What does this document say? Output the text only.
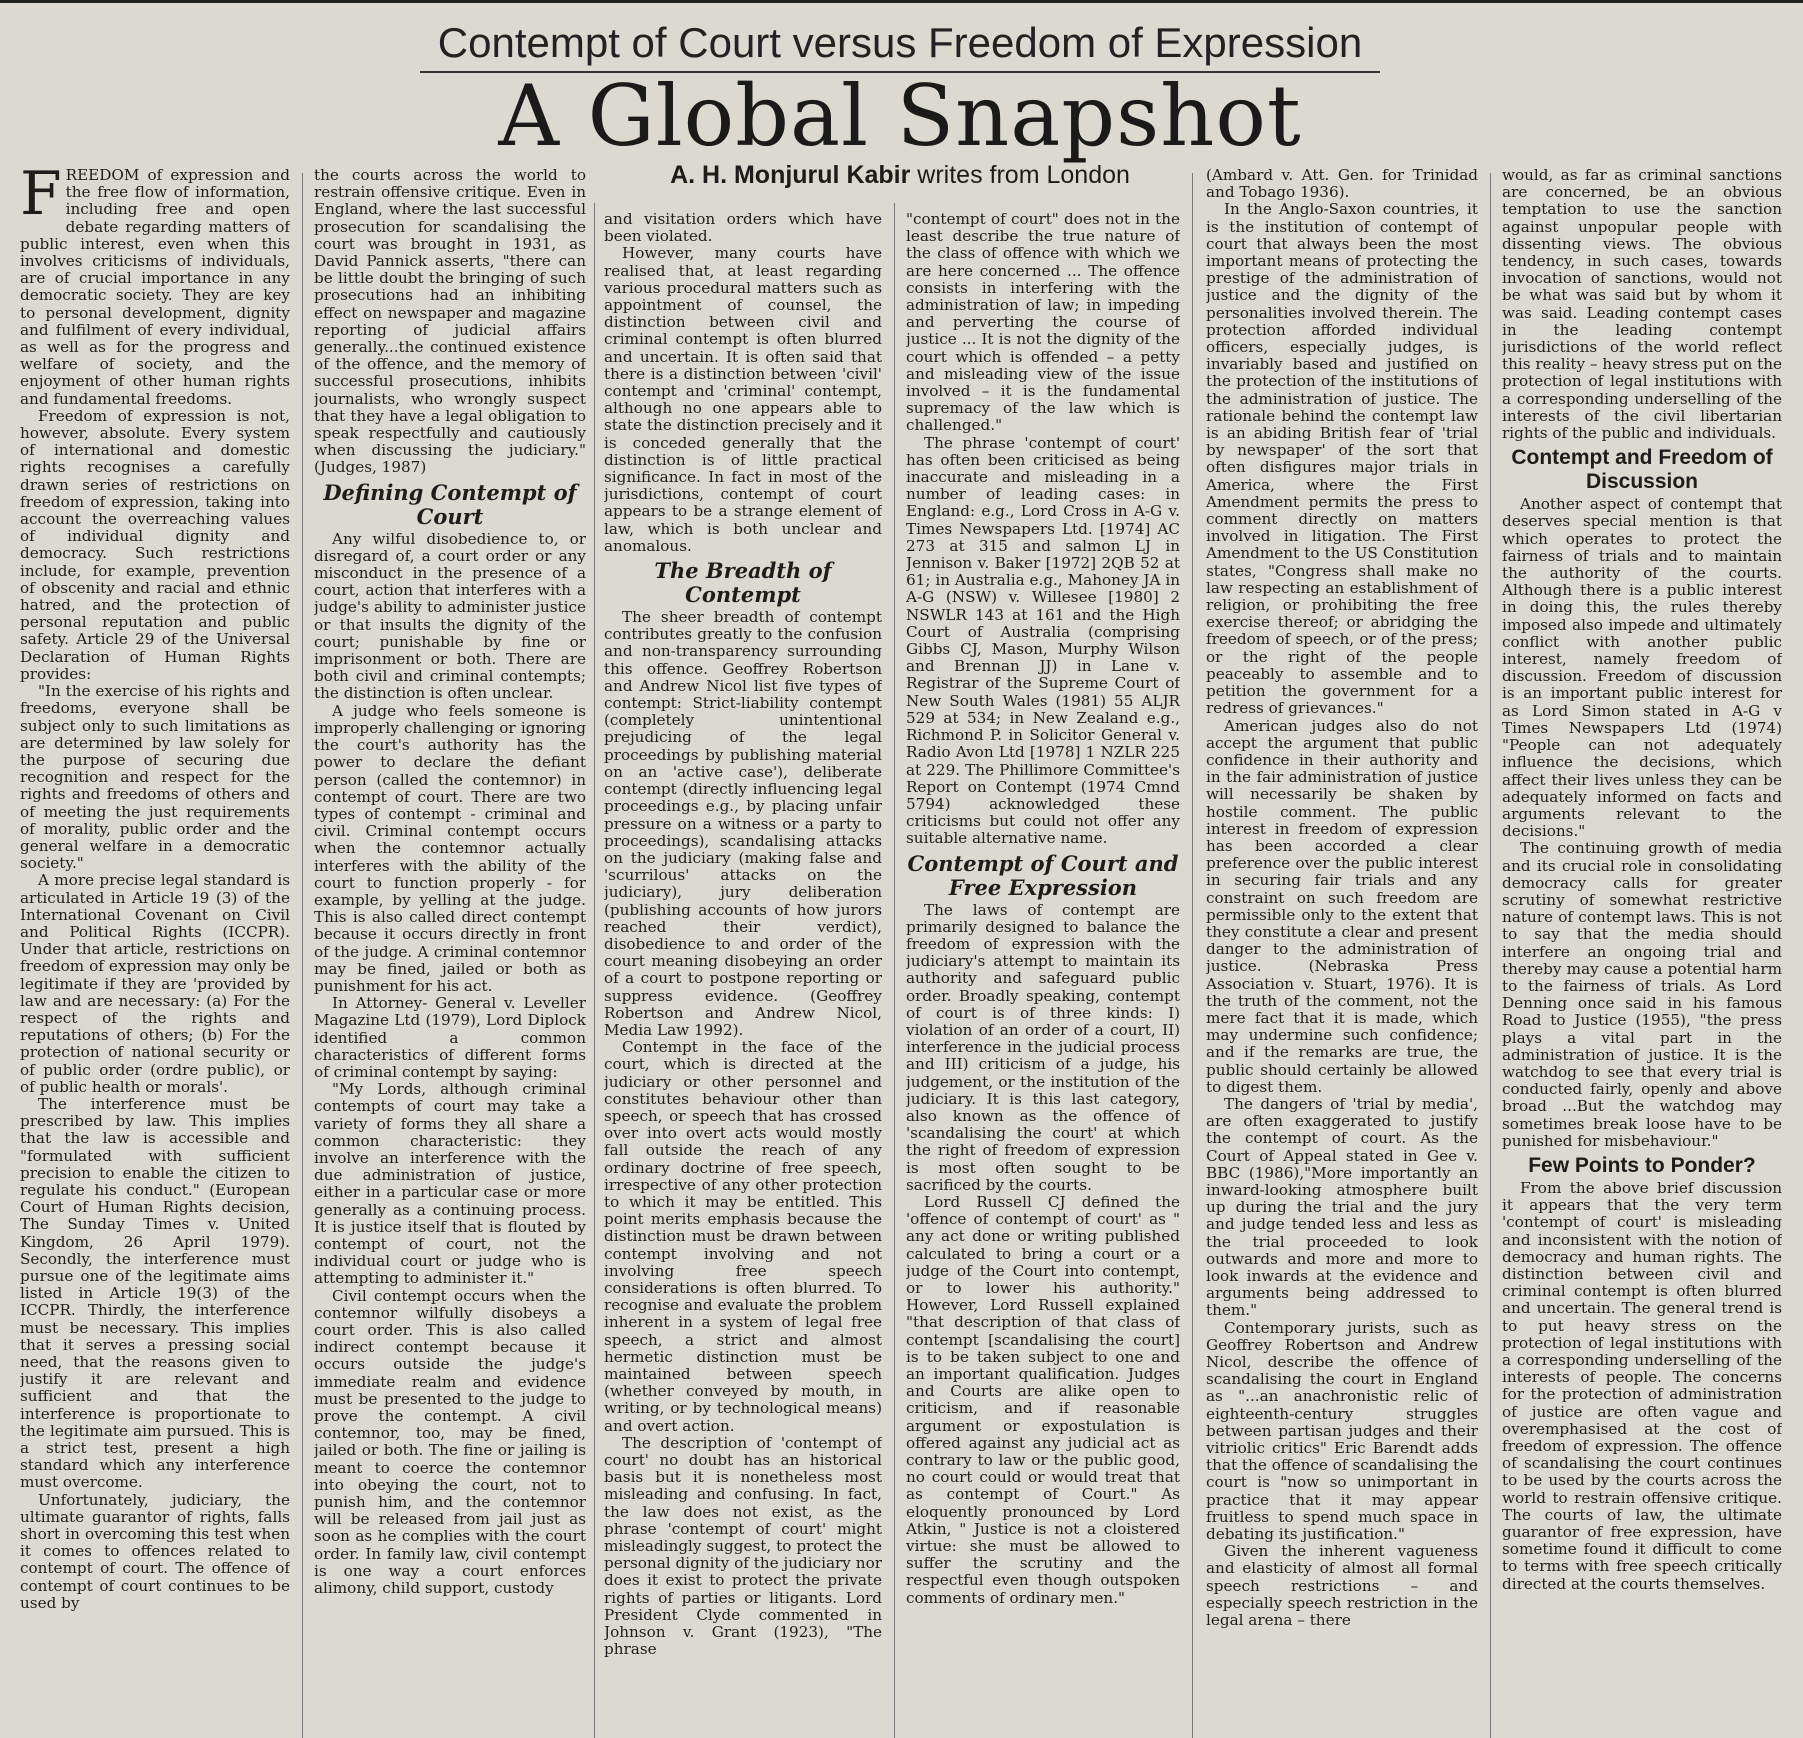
Contempt of Court versus Freedom of Expression
A Global Snapshot
A. H. Monjurul Kabir writes from London

FREEDOM of expression and the free flow of information, including free and open debate regarding matters of public interest, even when this involves criticisms of individuals, are of crucial importance in any democratic society. They are key to personal development, dignity and fulfilment of every individual, as well as for the progress and welfare of society, and the enjoyment of other human rights and fundamental freedoms.

Freedom of expression is not, however, absolute. Every system of international and domestic rights recognises a carefully drawn series of restrictions on freedom of expression, taking into account the overreaching values of individual dignity and democracy. Such restrictions include, for example, prevention of obscenity and racial and ethnic hatred, and the protection of personal reputation and public safety. Article 29 of the Universal Declaration of Human Rights provides:

"In the exercise of his rights and freedoms, everyone shall be subject only to such limitations as are determined by law solely for the purpose of securing due recognition and respect for the rights and freedoms of others and of meeting the just requirements of morality, public order and the general welfare in a democratic society."

A more precise legal standard is articulated in Article 19 (3) of the International Covenant on Civil and Political Rights (ICCPR). Under that article, restrictions on freedom of expression may only be legitimate if they are 'provided by law and are necessary: (a) For the respect of the rights and reputations of others; (b) For the protection of national security or of public order (ordre public), or of public health or morals'.

The interference must be prescribed by law. This implies that the law is accessible and "formulated with sufficient precision to enable the citizen to regulate his conduct." (European Court of Human Rights decision, The Sunday Times v. United Kingdom, 26 April 1979). Secondly, the interference must pursue one of the legitimate aims listed in Article 19(3) of the ICCPR. Thirdly, the interference must be necessary. This implies that it serves a pressing social need, that the reasons given to justify it are relevant and sufficient and that the interference is proportionate to the legitimate aim pursued. This is a strict test, present a high standard which any interference must overcome.

Unfortunately, judiciary, the ultimate guarantor of rights, falls short in overcoming this test when it comes to offences related to contempt of court. The offence of contempt of court continues to be used by

the courts across the world to restrain offensive critique. Even in England, where the last successful prosecution for scandalising the court was brought in 1931, as David Pannick asserts, "there can be little doubt the bringing of such prosecutions had an inhibiting effect on newspaper and magazine reporting of judicial affairs generally...the continued existence of the offence, and the memory of successful prosecutions, inhibits journalists, who wrongly suspect that they have a legal obligation to speak respectfully and cautiously when discussing the judiciary."(Judges, 1987)

Defining Contempt of Court

Any wilful disobedience to, or disregard of, a court order or any misconduct in the presence of a court, action that interferes with a judge's ability to administer justice or that insults the dignity of the court; punishable by fine or imprisonment or both. There are both civil and criminal contempts; the distinction is often unclear.

A judge who feels someone is improperly challenging or ignoring the court's authority has the power to declare the defiant person (called the contemnor) in contempt of court. There are two types of contempt - criminal and civil. Criminal contempt occurs when the contemnor actually interferes with the ability of the court to function properly - for example, by yelling at the judge. This is also called direct contempt because it occurs directly in front of the judge. A criminal contemnor may be fined, jailed or both as punishment for his act.

In Attorney- General v. Leveller Magazine Ltd (1979), Lord Diplock identified a common characteristics of different forms of criminal contempt by saying:

"My Lords, although criminal contempts of court may take a variety of forms they all share a common characteristic: they involve an interference with the due administration of justice, either in a particular case or more generally as a continuing process. It is justice itself that is flouted by contempt of court, not the individual court or judge who is attempting to administer it."

Civil contempt occurs when the contemnor wilfully disobeys a court order. This is also called indirect contempt because it occurs outside the judge's immediate realm and evidence must be presented to the judge to prove the contempt. A civil contemnor, too, may be fined, jailed or both. The fine or jailing is meant to coerce the contemnor into obeying the court, not to punish him, and the contemnor will be released from jail just as soon as he complies with the court order. In family law, civil contempt is one way a court enforces alimony, child support, custody

and visitation orders which have been violated.

However, many courts have realised that, at least regarding various procedural matters such as appointment of counsel, the distinction between civil and criminal contempt is often blurred and uncertain. It is often said that there is a distinction between 'civil' contempt and 'criminal' contempt, although no one appears able to state the distinction precisely and it is conceded generally that the distinction is of little practical significance. In fact in most of the jurisdictions, contempt of court appears to be a strange element of law, which is both unclear and anomalous.

The Breadth of Contempt

The sheer breadth of contempt contributes greatly to the confusion and non-transparency surrounding this offence. Geoffrey Robertson and Andrew Nicol list five types of contempt: Strict-liability contempt (completely unintentional prejudicing of the legal proceedings by publishing material on an 'active case'), deliberate contempt (directly influencing legal proceedings e.g., by placing unfair pressure on a witness or a party to proceedings), scandalising attacks on the judiciary (making false and 'scurrilous' attacks on the judiciary), jury deliberation (publishing accounts of how jurors reached their verdict), disobedience to and order of the court meaning disobeying an order of a court to postpone reporting or suppress evidence. (Geoffrey Robertson and Andrew Nicol, Media Law 1992).

Contempt in the face of the court, which is directed at the judiciary or other personnel and constitutes behaviour other than speech, or speech that has crossed over into overt acts would mostly fall outside the reach of any ordinary doctrine of free speech, irrespective of any other protection to which it may be entitled. This point merits emphasis because the distinction must be drawn between contempt involving and not involving free speech considerations is often blurred. To recognise and evaluate the problem inherent in a system of legal free speech, a strict and almost hermetic distinction must be maintained between speech (whether conveyed by mouth, in writing, or by technological means) and overt action.

The description of 'contempt of court' no doubt has an historical basis but it is nonetheless most misleading and confusing. In fact, the law does not exist, as the phrase 'contempt of court' might misleadingly suggest, to protect the personal dignity of the judiciary nor does it exist to protect the private rights of parties or litigants. Lord President Clyde commented in Johnson v. Grant (1923), "The phrase

"contempt of court" does not in the least describe the true nature of the class of offence with which we are here concerned ... The offence consists in interfering with the administration of law; in impeding and perverting the course of justice ... It is not the dignity of the court which is offended – a petty and misleading view of the issue involved – it is the fundamental supremacy of the law which is challenged."

The phrase 'contempt of court' has often been criticised as being inaccurate and misleading in a number of leading cases: in England: e.g., Lord Cross in A-G v. Times Newspapers Ltd. [1974] AC 273 at 315 and salmon LJ in Jennison v. Baker [1972] 2QB 52 at 61; in Australia e.g., Mahoney JA in A-G (NSW) v. Willesee [1980] 2 NSWLR 143 at 161 and the High Court of Australia (comprising Gibbs CJ, Mason, Murphy Wilson and Brennan JJ) in Lane v. Registrar of the Supreme Court of New South Wales (1981) 55 ALJR 529 at 534; in New Zealand e.g., Richmond P. in Solicitor General v. Radio Avon Ltd [1978] 1 NZLR 225 at 229. The Phillimore Committee's Report on Contempt (1974 Cmnd 5794) acknowledged these criticisms but could not offer any suitable alternative name.

Contempt of Court and Free Expression

The laws of contempt are primarily designed to balance the freedom of expression with the judiciary's attempt to maintain its authority and safeguard public order. Broadly speaking, contempt of court is of three kinds: I) violation of an order of a court, II) interference in the judicial process and III) criticism of a judge, his judgement, or the institution of the judiciary. It is this last category, also known as the offence of 'scandalising the court' at which the right of freedom of expression is most often sought to be sacrificed by the courts.

Lord Russell CJ defined the 'offence of contempt of court' as " any act done or writing published calculated to bring a court or a judge of the Court into contempt, or to lower his authority." However, Lord Russell explained "that description of that class of contempt [scandalising the court] is to be taken subject to one and an important qualification. Judges and Courts are alike open to criticism, and if reasonable argument or expostulation is offered against any judicial act as contrary to law or the public good, no court could or would treat that as contempt of Court." As eloquently pronounced by Lord Atkin, " Justice is not a cloistered virtue: she must be allowed to suffer the scrutiny and the respectful even though outspoken comments of ordinary men."

(Ambard v. Att. Gen. for Trinidad and Tobago 1936).

In the Anglo-Saxon countries, it is the institution of contempt of court that always been the most important means of protecting the prestige of the administration of justice and the dignity of the personalities involved therein. The protection afforded individual officers, especially judges, is invariably based and justified on the protection of the institutions of the administration of justice. The rationale behind the contempt law is an abiding British fear of 'trial by newspaper' of the sort that often disfigures major trials in America, where the First Amendment permits the press to comment directly on matters involved in litigation. The First Amendment to the US Constitution states, "Congress shall make no law respecting an establishment of religion, or prohibiting the free exercise thereof; or abridging the freedom of speech, or of the press; or the right of the people peaceably to assemble and to petition the government for a redress of grievances."

American judges also do not accept the argument that public confidence in their authority and in the fair administration of justice will necessarily be shaken by hostile comment. The public interest in freedom of expression has been accorded a clear preference over the public interest in securing fair trials and any constraint on such freedom are permissible only to the extent that they constitute a clear and present danger to the administration of justice. (Nebraska Press Association v. Stuart, 1976). It is the truth of the comment, not the mere fact that it is made, which may undermine such confidence; and if the remarks are true, the public should certainly be allowed to digest them.

The dangers of 'trial by media', are often exaggerated to justify the contempt of court. As the Court of Appeal stated in Gee v. BBC (1986),"More importantly an inward-looking atmosphere built up during the trial and the jury and judge tended less and less as the trial proceeded to look outwards and more and more to look inwards at the evidence and arguments being addressed to them."

Contemporary jurists, such as Geoffrey Robertson and Andrew Nicol, describe the offence of scandalising the court in England as "...an anachronistic relic of eighteenth-century struggles between partisan judges and their vitriolic critics" Eric Barendt adds that the offence of scandalising the court is "now so unimportant in practice that it may appear fruitless to spend much space in debating its justification."

Given the inherent vagueness and elasticity of almost all formal speech restrictions – and especially speech restriction in the legal arena – there

would, as far as criminal sanctions are concerned, be an obvious temptation to use the sanction against unpopular people with dissenting views. The obvious tendency, in such cases, towards invocation of sanctions, would not be what was said but by whom it was said. Leading contempt cases in the leading contempt jurisdictions of the world reflect this reality – heavy stress put on the protection of legal institutions with a corresponding underselling of the interests of the civil libertarian rights of the public and individuals.

Contempt and Freedom of Discussion

Another aspect of contempt that deserves special mention is that which operates to protect the fairness of trials and to maintain the authority of the courts. Although there is a public interest in doing this, the rules thereby imposed also impede and ultimately conflict with another public interest, namely freedom of discussion. Freedom of discussion is an important public interest for as Lord Simon stated in A-G v Times Newspapers Ltd (1974) "People can not adequately influence the decisions, which affect their lives unless they can be adequately informed on facts and arguments relevant to the decisions."

The continuing growth of media and its crucial role in consolidating democracy calls for greater scrutiny of somewhat restrictive nature of contempt laws. This is not to say that the media should interfere an ongoing trial and thereby may cause a potential harm to the fairness of trials. As Lord Denning once said in his famous Road to Justice (1955), "the press plays a vital part in the administration of justice. It is the watchdog to see that every trial is conducted fairly, openly and above broad ...But the watchdog may sometimes break loose have to be punished for misbehaviour."

Few Points to Ponder?

From the above brief discussion it appears that the very term 'contempt of court' is misleading and inconsistent with the notion of democracy and human rights. The distinction between civil and criminal contempt is often blurred and uncertain. The general trend is to put heavy stress on the protection of legal institutions with a corresponding underselling of the interests of people. The concerns for the protection of administration of justice are often vague and overemphasised at the cost of freedom of expression. The offence of scandalising the court continues to be used by the courts across the world to restrain offensive critique. The courts of law, the ultimate guarantor of free expression, have sometime found it difficult to come to terms with free speech critically directed at the courts themselves.
